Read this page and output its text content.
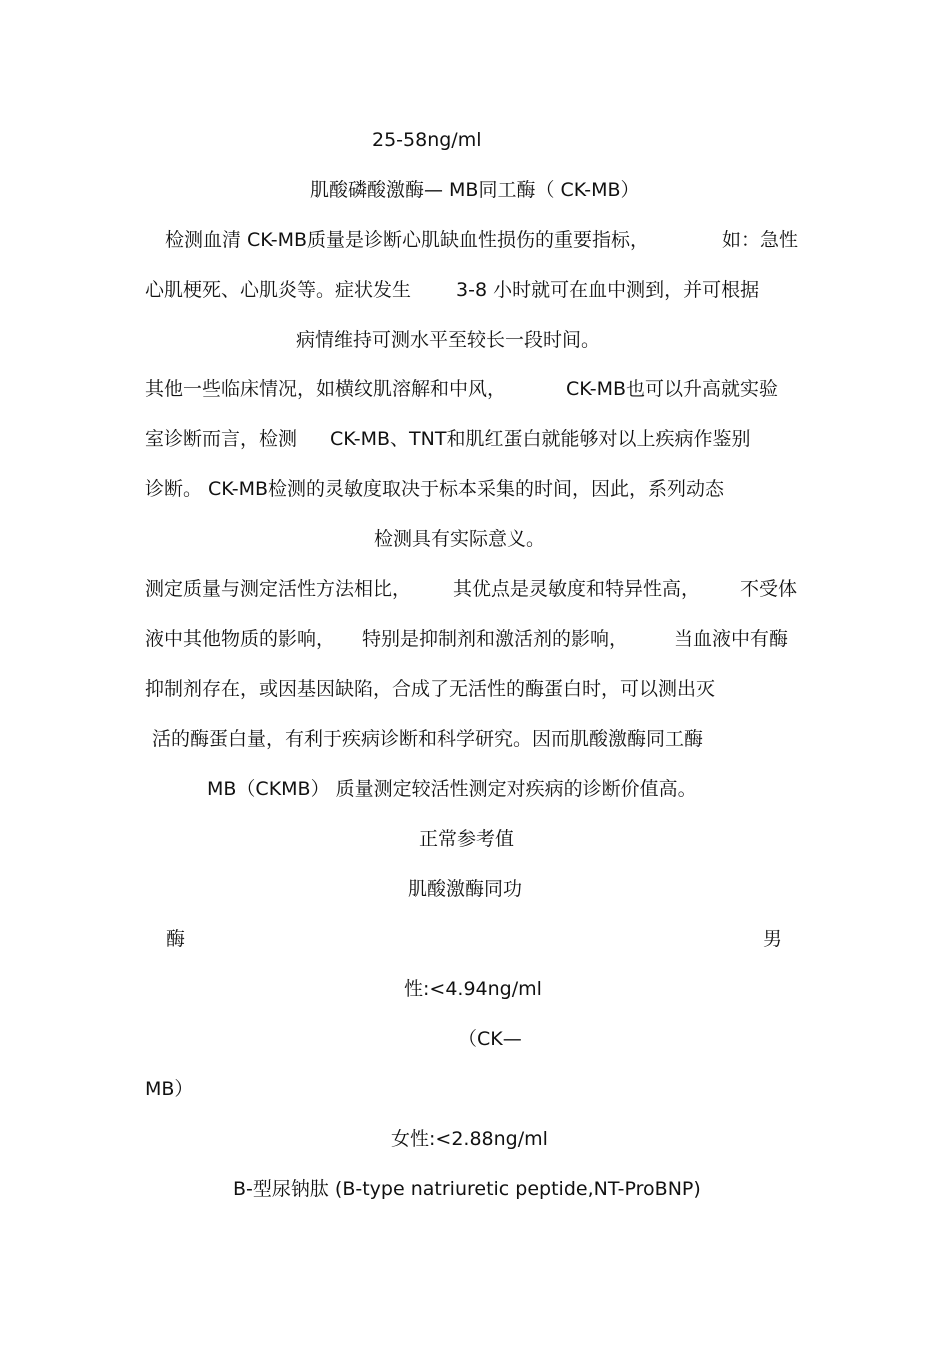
25-58ng/ml
肌酸磷酸激酶— MB同工酶（ CK-MB）
检测血清 CK-MB质量是诊断心肌缺血性损伤的重要指标，	如：急性
心肌梗死、心肌炎等。症状发生 3-8 小时就可在血中测到，并可根据
病情维持可测水平至较长一段时间。
其他一些临床情况，如横纹肌溶解和中风，	CK-MB也可以升高就实验
室诊断而言，检测 CK-MB、TNT和肌红蛋白就能够对以上疾病作鉴别
诊断。 CK-MB检测的灵敏度取决于标本采集的时间，因此，系列动态
检测具有实际意义。
测定质量与测定活性方法相比， 其优点是灵敏度和特异性高， 不受体
液中其他物质的影响， 特别是抑制剂和激活剂的影响， 当血液中有酶
抑制剂存在，或因基因缺陷，合成了无活性的酶蛋白时，可以测出灭
活的酶蛋白量，有利于疾病诊断和科学研究。因而肌酸激酶同工酶
MB（CKMB） 质量测定较活性测定对疾病的诊断价值高。
正常参考值
肌酸激酶同功
酶	男
性:<4.94ng/ml
（CK—
MB）
女性:<2.88ng/ml
B-型尿钠肽 (B-type natriuretic peptide,NT-ProBNP)
